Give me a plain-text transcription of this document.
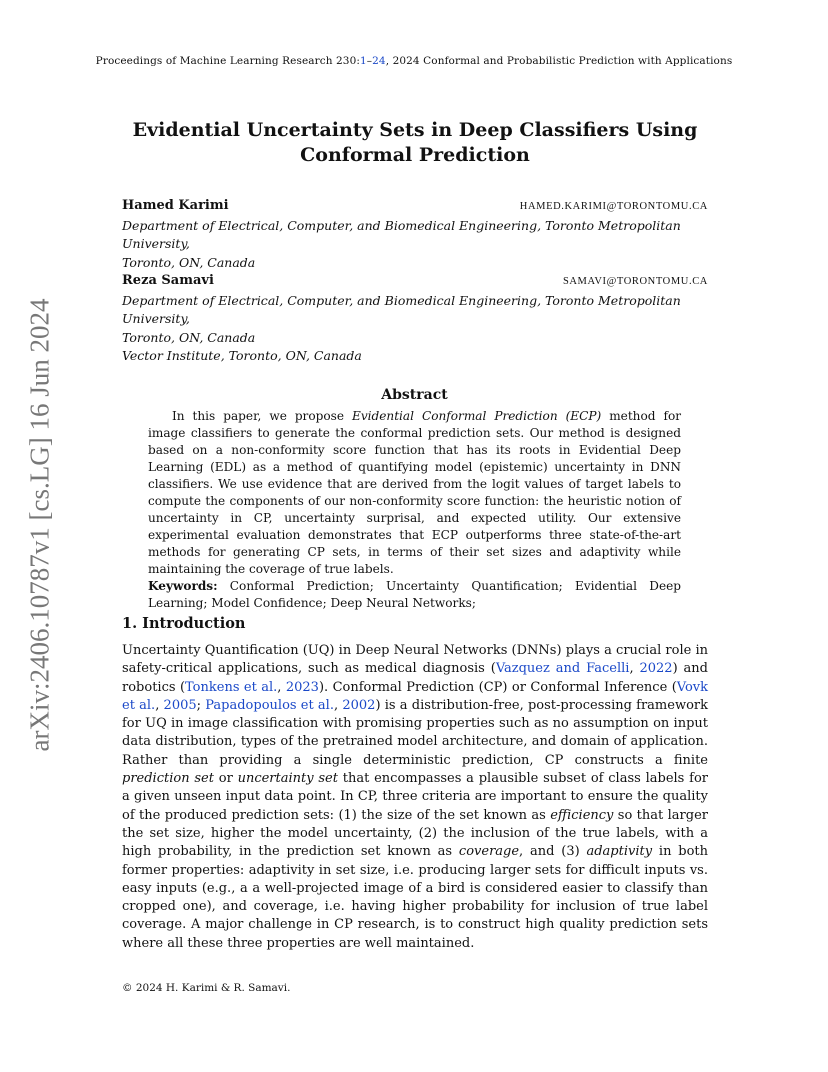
Proceedings of Machine Learning Research 230:1–24, 2024 Conformal and Probabilistic Prediction with Applications
arXiv:2406.10787v1 [cs.LG] 16 Jun 2024
Evidential Uncertainty Sets in Deep Classifiers Using
Conformal Prediction
Hamed Karimi	HAMED.KARIMI@TORONTOMU.CA
Department of Electrical, Computer, and Biomedical Engineering, Toronto Metropolitan University,
Toronto, ON, Canada
Reza Samavi	SAMAVI@TORONTOMU.CA
Department of Electrical, Computer, and Biomedical Engineering, Toronto Metropolitan University,
Toronto, ON, Canada
Vector Institute, Toronto, ON, Canada
Abstract

In this paper, we propose Evidential Conformal Prediction (ECP) method for image classifiers to generate the conformal prediction sets. Our method is designed based on a non-conformity score function that has its roots in Evidential Deep Learning (EDL) as a method of quantifying model (epistemic) uncertainty in DNN classifiers. We use evidence that are derived from the logit values of target labels to compute the components of our non-conformity score function: the heuristic notion of uncertainty in CP, uncertainty surprisal, and expected utility. Our extensive experimental evaluation demonstrates that ECP outperforms three state-of-the-art methods for generating CP sets, in terms of their set sizes and adaptivity while maintaining the coverage of true labels.

Keywords: Conformal Prediction; Uncertainty Quantification; Evidential Deep Learning; Model Confidence; Deep Neural Networks;
1. Introduction

Uncertainty Quantification (UQ) in Deep Neural Networks (DNNs) plays a crucial role in safety-critical applications, such as medical diagnosis (Vazquez and Facelli, 2022) and robotics (Tonkens et al., 2023). Conformal Prediction (CP) or Conformal Inference (Vovk et al., 2005; Papadopoulos et al., 2002) is a distribution-free, post-processing framework for UQ in image classification with promising properties such as no assumption on input data distribution, types of the pretrained model architecture, and domain of application. Rather than providing a single deterministic prediction, CP constructs a finite prediction set or uncertainty set that encompasses a plausible subset of class labels for a given unseen input data point. In CP, three criteria are important to ensure the quality of the produced prediction sets: (1) the size of the set known as efficiency so that larger the set size, higher the model uncertainty, (2) the inclusion of the true labels, with a high probability, in the prediction set known as coverage, and (3) adaptivity in both former properties: adaptivity in set size, i.e. producing larger sets for difficult inputs vs. easy inputs (e.g., a a well-projected image of a bird is considered easier to classify than cropped one), and coverage, i.e. having higher probability for inclusion of true label coverage. A major challenge in CP research, is to construct high quality prediction sets where all these three properties are well maintained.

© 2024 H. Karimi & R. Samavi.
